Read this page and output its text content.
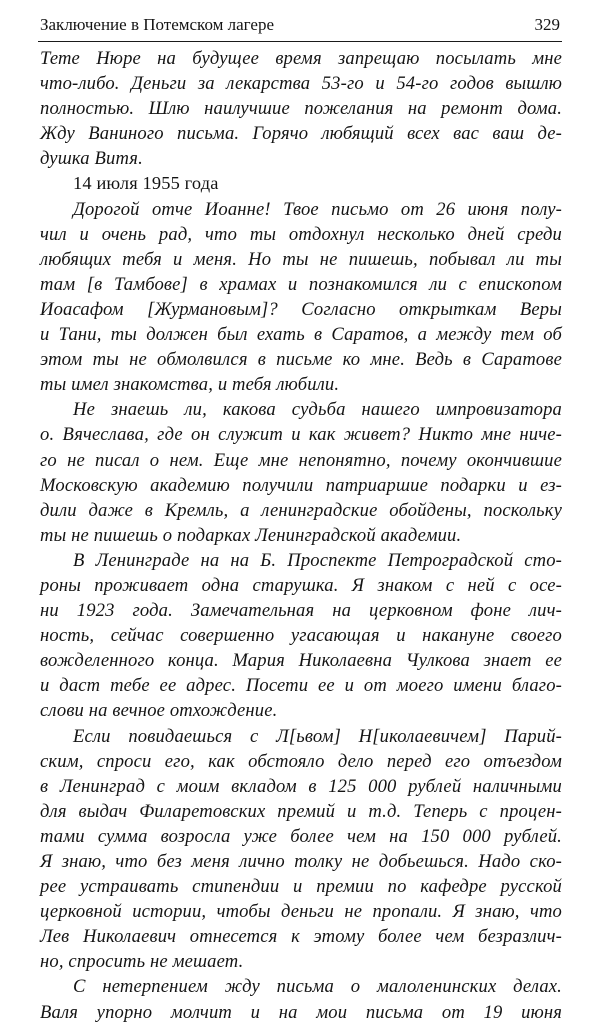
Заключение в Потемском лагере	329
Тете Нюре на будущее время запрещаю посылать мне
что-либо. Деньги за лекарства 53-го и 54-го годов вышлю
полностью. Шлю наилучшие пожелания на ремонт дома.
Жду Ваниного письма. Горячо любящий всех вас ваш де-
душка Витя.
14 июля 1955 года
Дорогой отче Иоанне! Твое письмо от 26 июня полу-
чил и очень рад, что ты отдохнул несколько дней среди
любящих тебя и меня. Но ты не пишешь, побывал ли ты
там [в Тамбове] в храмах и познакомился ли с епископом
Иоасафом [Журмановым]? Согласно открыткам Веры
и Тани, ты должен был ехать в Саратов, а между тем об
этом ты не обмолвился в письме ко мне. Ведь в Саратове
ты имел знакомства, и тебя любили.
Не знаешь ли, какова судьба нашего импровизатора
о. Вячеслава, где он служит и как живет? Никто мне ниче-
го не писал о нем. Еще мне непонятно, почему окончившие
Московскую академию получили патриаршие подарки и ез-
дили даже в Кремль, а ленинградские обойдены, поскольку
ты не пишешь о подарках Ленинградской академии.
В Ленинграде на на Б. Проспекте Петроградской сто-
роны проживает одна старушка. Я знаком с ней с осе-
ни 1923 года. Замечательная на церковном фоне лич-
ность, сейчас совершенно угасающая и накануне своего
вожделенного конца. Мария Николаевна Чулкова знает ее
и даст тебе ее адрес. Посети ее и от моего имени благо-
слови на вечное отхождение.
Если повидаешься с Л[ьвом] Н[иколаевичем] Парий-
ским, спроси его, как обстояло дело перед его отъездом
в Ленинград с моим вкладом в 125 000 рублей наличными
для выдач Филаретовских премий и т.д. Теперь с процен-
тами сумма возросла уже более чем на 150 000 рублей.
Я знаю, что без меня лично толку не добьешься. Надо ско-
рее устраивать стипендии и премии по кафедре русской
церковной истории, чтобы деньги не пропали. Я знаю, что
Лев Николаевич отнесется к этому более чем безразлич-
но, спросить не мешает.
С нетерпением жду письма о малоленинских делах.
Валя упорно молчит и на мои письма от 19 июня
